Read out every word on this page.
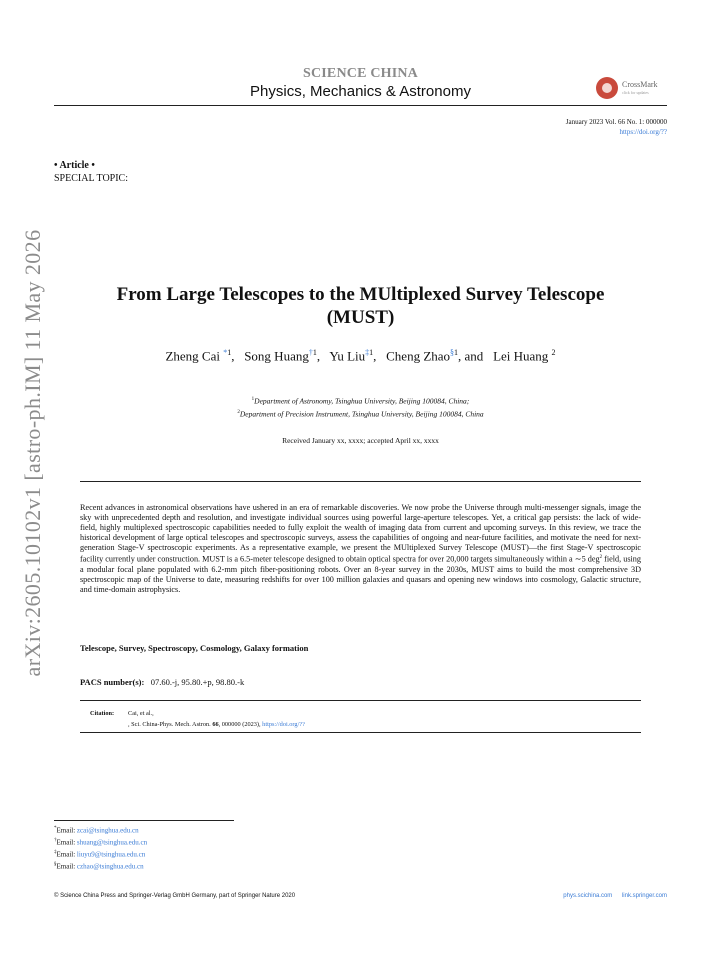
SCIENCE CHINA
Physics, Mechanics & Astronomy	CrossMark
click for updates
January 2023 Vol. 66 No. 1: 000000
https://doi.org/??
• Article •
SPECIAL TOPIC:
arXiv:2605.10102v1 [astro-ph.IM] 11 May 2026	From Large Telescopes to the MUltiplexed Survey Telescope
(MUST)
Zheng Cai $^{*1}$,   Song Huang$^{\dagger 1}$,   Yu Liu$^{\ddagger 1}$,   Cheng Zhao$^{\S 1}$, and Lei Huang $^2$
$^1$Department of Astronomy, Tsinghua University, Beijing 100084, China;
$^2$Department of Precision Instrument, Tsinghua University, Beijing 100084, China
Received January xx, xxxx; accepted April xx, xxxx
Recent advances in astronomical observations have ushered in an era of remarkable discoveries. We now probe the Universe through multi-messenger signals, image the sky with unprecedented depth and resolution, and investigate individual sources using powerful large-aperture telescopes. Yet, a critical gap persists: the lack of wide-field, highly multiplexed spectroscopic capabilities needed to fully exploit the wealth of imaging data from current and upcoming surveys. In this review, we trace the historical development of large optical telescopes and spectroscopic surveys, assess the capabilities of ongoing and near-future facilities, and motivate the need for next-generation Stage-V spectroscopic experiments. As a representative example, we present the MUltiplexed Survey Telescope (MUST)—the first Stage-V spectroscopic facility currently under construction. MUST is a 6.5-meter telescope designed to obtain optical spectra for over 20,000 targets simultaneously within a ∼5 deg$^2$ field, using a modular focal plane populated with 6.2-mm pitch fiber-positioning robots. Over an 8-year survey in the 2030s, MUST aims to build the most comprehensive 3D spectroscopic map of the Universe to date, measuring redshifts for over 100 million galaxies and quasars and opening new windows into cosmology, Galactic structure, and time-domain astrophysics.
Telescope, Survey, Spectroscopy, Cosmology, Galaxy formation
PACS number(s): 07.60.-j, 95.80.+p, 98.80.-k
Citation: Cai, et al.,
, Sci. China-Phys. Mech. Astron. 66, 000000 (2023), https://doi.org/??
*Email: zcai@tsinghua.edu.cn
†Email: shuang@tsinghua.edu.cn
‡Email: liuyu9@tsinghua.edu.cn
§Email: czhao@tsinghua.edu.cn
© Science China Press and Springer-Verlag GmbH Germany, part of Springer Nature 2020	phys.scichina.com link.springer.com
